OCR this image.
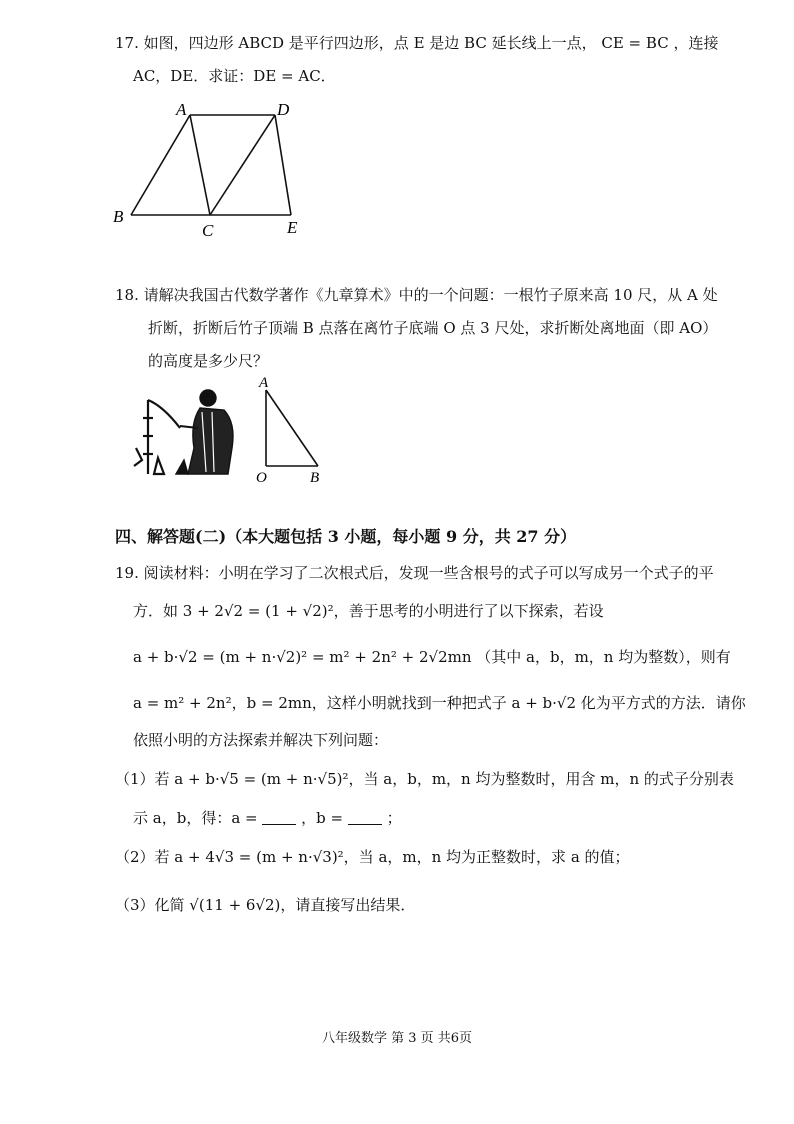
17. 如图，四边形 ABCD 是平行四边形，点 E 是边 BC 延长线上一点， CE = BC ，连接
AC，DE．求证：DE = AC．
A	D
B
C	E
18. 请解决我国古代数学著作《九章算术》中的一个问题：一根竹子原来高 10 尺，从 A 处
折断，折断后竹子顶端 B 点落在离竹子底端 O 点 3 尺处，求折断处离地面（即 AO）
的高度是多少尺？
A
O	B
四、解答题(二)（本大题包括 3 小题，每小题 9 分，共 27 分）
19. 阅读材料：小明在学习了二次根式后，发现一些含根号的式子可以写成另一个式子的平
方．如 3 + 2√2 = (1 + √2)²，善于思考的小明进行了以下探索，若设
a + b·√2 = (m + n·√2)² = m² + 2n² + 2√2mn （其中 a，b，m，n 均为整数），则有
a = m² + 2n²，b = 2mn，这样小明就找到一种把式子 a + b·√2 化为平方式的方法．请你
依照小明的方法探索并解决下列问题：
（1）若 a + b·√5 = (m + n·√5)²，当 a，b，m，n 均为整数时，用含 m，n 的式子分别表
示 a，b，得：a =	，b =	；
（2）若 a + 4√3 = (m + n·√3)²，当 a，m，n 均为正整数时，求 a 的值；
（3）化简 √(11 + 6√2)，请直接写出结果．
八年级数学 第 3 页 共6页
